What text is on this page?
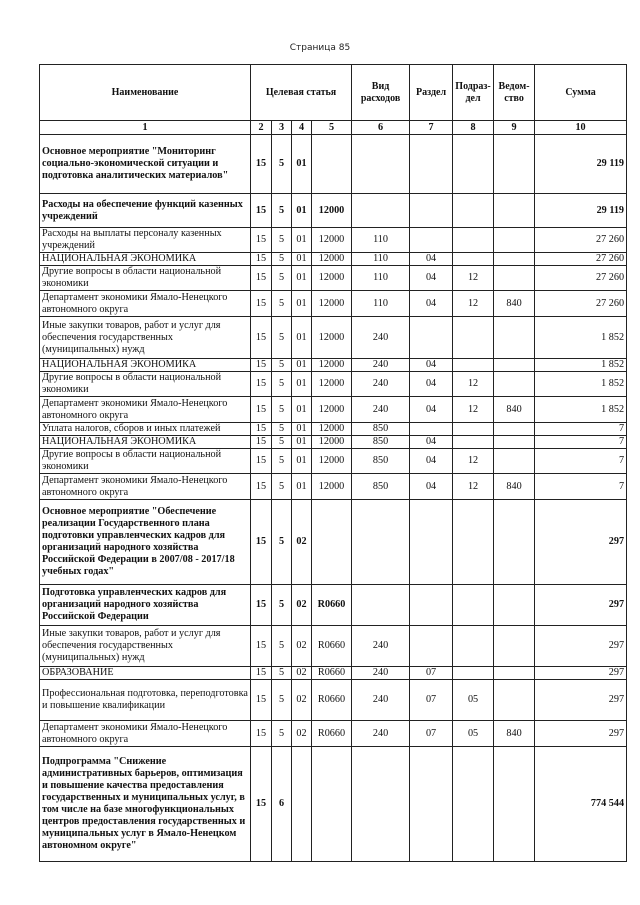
Страница 85
Наименование	Целевая статья				Вид расходов	Раздел	Подраз-дел	Ведом-ство	Сумма
1	2	3	4	5	6	7	8	9	10
Основное мероприятие "Мониторинг социально-экономической ситуации и подготовка аналитических материалов"	15	5	01						29 119
Расходы на обеспечение функций казенных учреждений	15	5	01	12000					29 119
Расходы на выплаты персоналу казенных учреждений	15	5	01	12000	110				27 260
НАЦИОНАЛЬНАЯ ЭКОНОМИКА	15	5	01	12000	110	04			27 260
Другие вопросы в области национальной экономики	15	5	01	12000	110	04	12		27 260
Департамент экономики Ямало-Ненецкого автономного округа	15	5	01	12000	110	04	12	840	27 260
Иные закупки товаров, работ и услуг для обеспечения государственных (муниципальных) нужд	15	5	01	12000	240				1 852
НАЦИОНАЛЬНАЯ ЭКОНОМИКА	15	5	01	12000	240	04			1 852
Другие вопросы в области национальной экономики	15	5	01	12000	240	04	12		1 852
Департамент экономики Ямало-Ненецкого автономного округа	15	5	01	12000	240	04	12	840	1 852
Уплата налогов, сборов и иных платежей	15	5	01	12000	850				7
НАЦИОНАЛЬНАЯ ЭКОНОМИКА	15	5	01	12000	850	04			7
Другие вопросы в области национальной экономики	15	5	01	12000	850	04	12		7
Департамент экономики Ямало-Ненецкого автономного округа	15	5	01	12000	850	04	12	840	7
Основное мероприятие "Обеспечение реализации Государственного плана подготовки управленческих кадров для организаций народного хозяйства Российской Федерации в 2007/08 - 2017/18 учебных годах"	15	5	02						297
Подготовка управленческих кадров для организаций народного хозяйства Российской Федерации	15	5	02	R0660					297
Иные закупки товаров, работ и услуг для обеспечения государственных (муниципальных) нужд	15	5	02	R0660	240				297
ОБРАЗОВАНИЕ	15	5	02	R0660	240	07			297
Профессиональная подготовка, переподготовка и повышение квалификации	15	5	02	R0660	240	07	05		297
Департамент экономики Ямало-Ненецкого автономного округа	15	5	02	R0660	240	07	05	840	297
Подпрограмма "Снижение административных барьеров, оптимизация и повышение качества предоставления государственных и муниципальных услуг, в том числе на базе многофункциональных центров предоставления государственных и муниципальных услуг в Ямало-Ненецком автономном округе"	15	6							774 544
